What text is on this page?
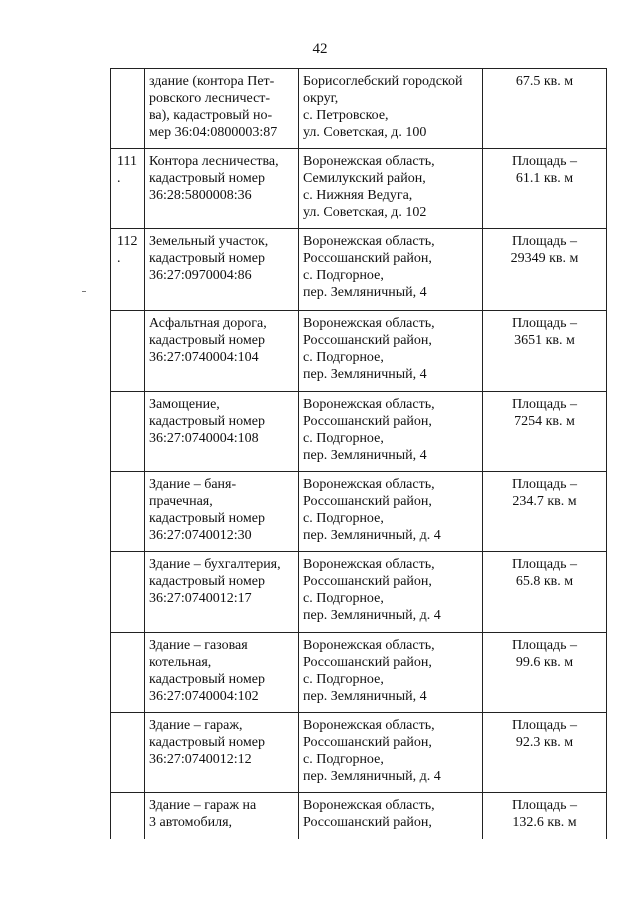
42
	здание (конторa Пет-
ровского лесничест-
ва), кадастровый но-
мер 36:04:0800003:87	Борисоглебский городской
округ,
с. Петровское,
ул. Советская, д. 100	67.5 кв. м
111.	Контора лесничества,
кадастровый номер
36:28:5800008:36	Воронежская область,
Семилукский район,
с. Нижняя Ведуга,
ул. Советская, д. 102	Площадь –
61.1 кв. м
112.	Земельный участок,
кадастровый номер
36:27:0970004:86	Воронежская область,
Россошанский район,
с. Подгорное,
пер. Земляничный, 4	Площадь –
29349 кв. м
	Асфальтная дорога,
кадастровый номер
36:27:0740004:104	Воронежская область,
Россошанский район,
с. Подгорное,
пер. Земляничный, 4	Площадь –
3651 кв. м
	Замощение,
кадастровый номер
36:27:0740004:108	Воронежская область,
Россошанский район,
с. Подгорное,
пер. Земляничный, 4	Площадь –
7254 кв. м
	Здание – баня-
прачечная,
кадастровый номер
36:27:0740012:30	Воронежская область,
Россошанский район,
с. Подгорное,
пер. Земляничный, д. 4	Площадь –
234.7 кв. м
	Здание – бухгалтерия,
кадастровый номер
36:27:0740012:17	Воронежская область,
Россошанский район,
с. Подгорное,
пер. Земляничный, д. 4	Площадь –
65.8 кв. м
	Здание – газовая
котельная,
кадастровый номер
36:27:0740004:102	Воронежская область,
Россошанский район,
с. Подгорное,
пер. Земляничный, 4	Площадь –
99.6 кв. м
	Здание – гараж,
кадастровый номер
36:27:0740012:12	Воронежская область,
Россошанский район,
с. Подгорное,
пер. Земляничный, д. 4	Площадь –
92.3 кв. м
	Здание – гараж на
3 автомобиля,	Воронежская область,
Россошанский район,	Площадь –
132.6 кв. м
